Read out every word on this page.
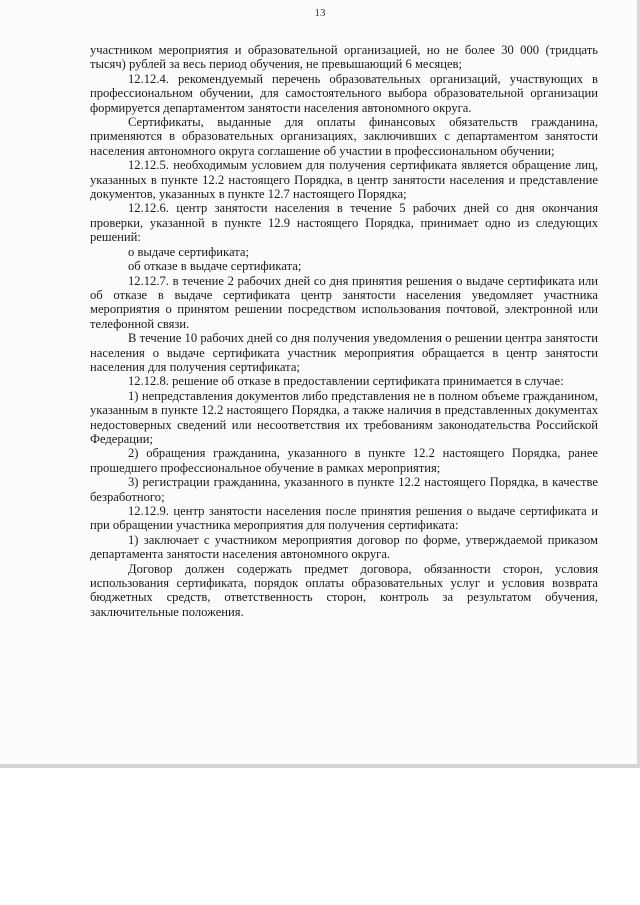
13

участником мероприятия и образовательной организацией, но не более 30 000 (тридцать тысяч) рублей за весь период обучения, не превышающий 6 месяцев;

12.12.4. рекомендуемый перечень образовательных организаций, участвующих в профессиональном обучении, для самостоятельного выбора образовательной организации формируется департаментом занятости населения автономного округа.

Сертификаты, выданные для оплаты финансовых обязательств гражданина, применяются в образовательных организациях, заключивших с департаментом занятости населения автономного округа соглашение об участии в профессиональном обучении;

12.12.5. необходимым условием для получения сертификата является обращение лиц, указанных в пункте 12.2 настоящего Порядка, в центр занятости населения и представление документов, указанных в пункте 12.7 настоящего Порядка;

12.12.6. центр занятости населения в течение 5 рабочих дней со дня окончания проверки, указанной в пункте 12.9 настоящего Порядка, принимает одно из следующих решений:

о выдаче сертификата;

об отказе в выдаче сертификата;

12.12.7. в течение 2 рабочих дней со дня принятия решения о выдаче сертификата или об отказе в выдаче сертификата центр занятости населения уведомляет участника мероприятия о принятом решении посредством использования почтовой, электронной или телефонной связи.

В течение 10 рабочих дней со дня получения уведомления о решении центра занятости населения о выдаче сертификата участник мероприятия обращается в центр занятости населения для получения сертификата;

12.12.8. решение об отказе в предоставлении сертификата принимается в случае:

1) непредставления документов либо представления не в полном объеме гражданином, указанным в пункте 12.2 настоящего Порядка, а также наличия в представленных документах недостоверных сведений или несоответствия их требованиям законодательства Российской Федерации;

2) обращения гражданина, указанного в пункте 12.2 настоящего Порядка, ранее прошедшего профессиональное обучение в рамках мероприятия;

3) регистрации гражданина, указанного в пункте 12.2 настоящего Порядка, в качестве безработного;

12.12.9. центр занятости населения после принятия решения о выдаче сертификата и при обращении участника мероприятия для получения сертификата:

1) заключает с участником мероприятия договор по форме, утверждаемой приказом департамента занятости населения автономного округа.

Договор должен содержать предмет договора, обязанности сторон, условия использования сертификата, порядок оплаты образовательных услуг и условия возврата бюджетных средств, ответственность сторон, контроль за результатом обучения, заключительные положения.
